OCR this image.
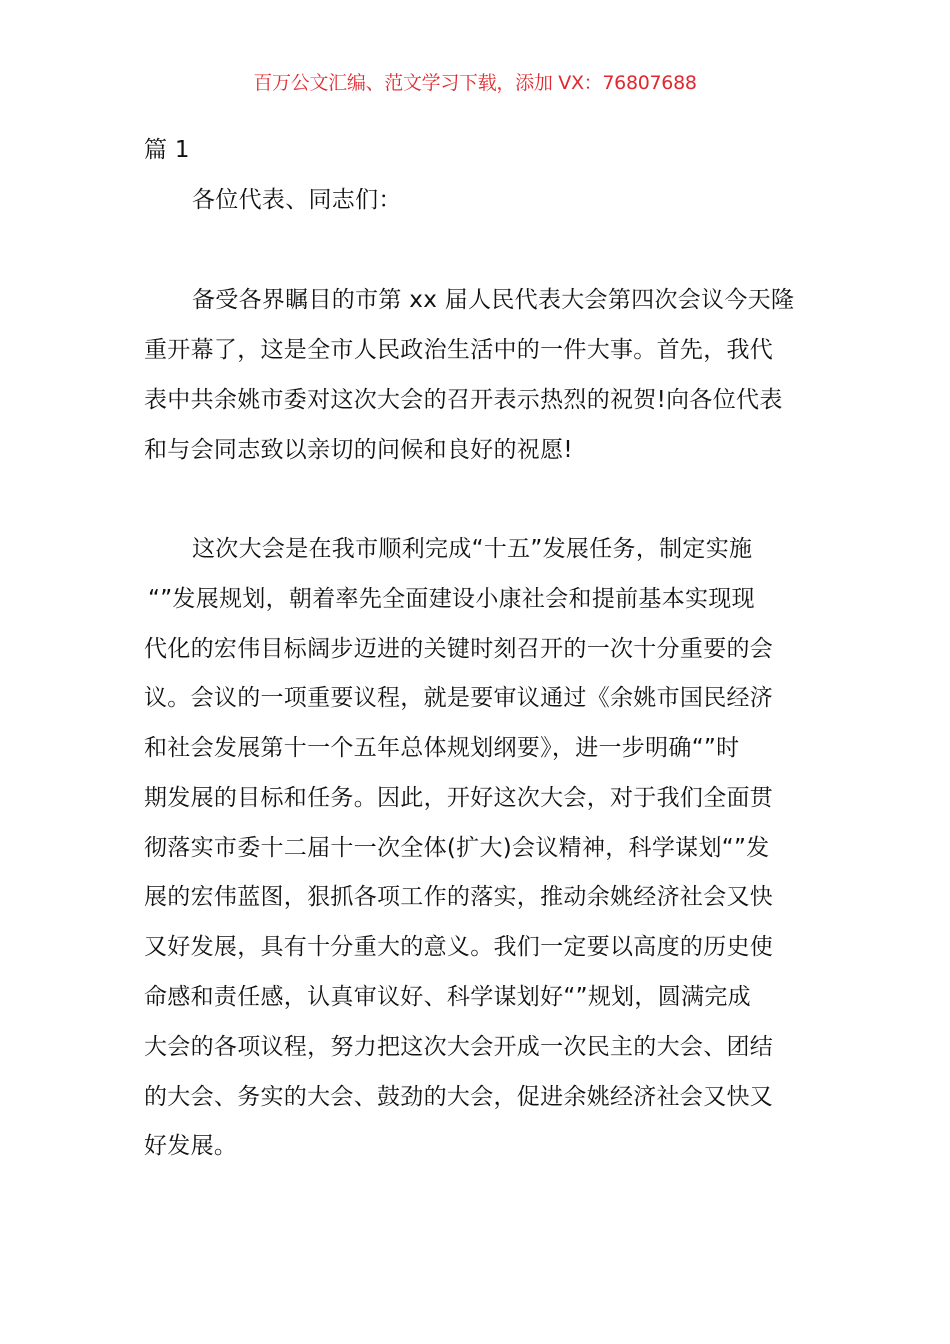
百万公文汇编、范文学习下载，添加 VX：76807688
篇 1
各位代表、同志们：
备受各界瞩目的市第 xx 届人民代表大会第四次会议今天隆
重开幕了，这是全市人民政治生活中的一件大事。首先，我代
表中共余姚市委对这次大会的召开表示热烈的祝贺!向各位代表
和与会同志致以亲切的问候和良好的祝愿!
这次大会是在我市顺利完成“十五”发展任务，制定实施
“”发展规划，朝着率先全面建设小康社会和提前基本实现现
代化的宏伟目标阔步迈进的关键时刻召开的一次十分重要的会
议。会议的一项重要议程，就是要审议通过《余姚市国民经济
和社会发展第十一个五年总体规划纲要》，进一步明确“”时
期发展的目标和任务。因此，开好这次大会，对于我们全面贯
彻落实市委十二届十一次全体(扩大)会议精神，科学谋划“”发
展的宏伟蓝图，狠抓各项工作的落实，推动余姚经济社会又快
又好发展，具有十分重大的意义。我们一定要以高度的历史使
命感和责任感，认真审议好、科学谋划好“”规划，圆满完成
大会的各项议程，努力把这次大会开成一次民主的大会、团结
的大会、务实的大会、鼓劲的大会，促进余姚经济社会又快又
好发展。
